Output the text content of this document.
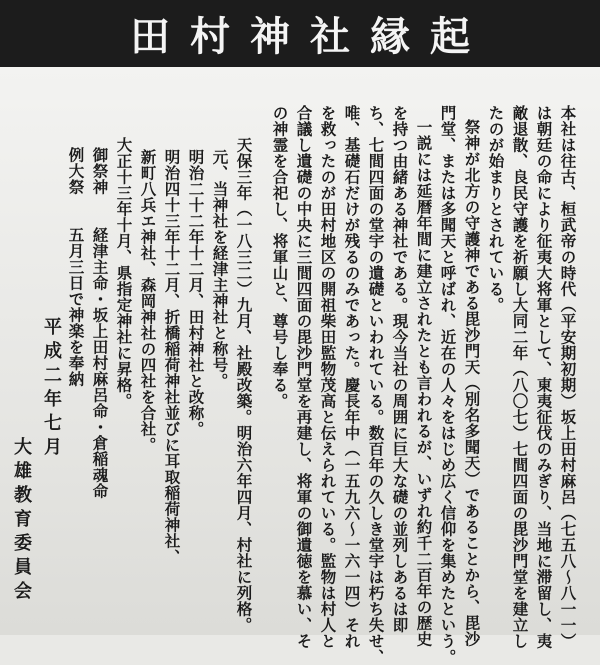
田村神社縁起
本社は往古、桓武帝の時代（平安期初期）坂上田村麻呂（七五八〜八一一）
は朝廷の命により征夷大将軍として、東夷征伐のみぎり、当地に滞留し、夷
敵退散、良民守護を祈願し大同二年（八〇七）七間四面の毘沙門堂を建立し
たのが始まりとされている。
祭神が北方の守護神である毘沙門天（別名多聞天）であることから、毘沙
門堂、または多聞天と呼ばれ、近在の人々をはじめ広く信仰を集めたという。
一説には延暦年間に建立されたとも言われるが、いずれ約千二百年の歴史
を持つ由緒ある神社である。現今当社の周囲に巨大な礎の並列しあるは即
ち、七間四面の堂宇の遺礎といわれている。数百年の久しき堂宇は朽ち失せ、
唯、基礎石だけが残るのみであった。慶長年中（一五九六〜一六一四）それ
を救ったのが田村地区の開祖柴田監物茂高と伝えられている。監物は村人と
合議し遺礎の中央に三間四面の毘沙門堂を再建し、将軍の御遺徳を慕い、そ
の神霊を合祀し、将軍山と、尊号し奉る。
天保三年（一八三二）九月、社殿改築。明治六年四月、村社に列格。
元、当神社を経津主神社と称号。
明治二十二年十二月、田村神社と改称。
明治四十三年十二月、折橋稲荷神社並びに耳取稲荷神社、
新町八兵エ神社、森岡神社の四社を合社。
大正十三年十月、県指定神社に昇格。
御祭神　　経津主命・坂上田村麻呂命・倉稲魂命
例大祭　　五月三日で神楽を奉納
平成二年七月
大雄教育委員会
